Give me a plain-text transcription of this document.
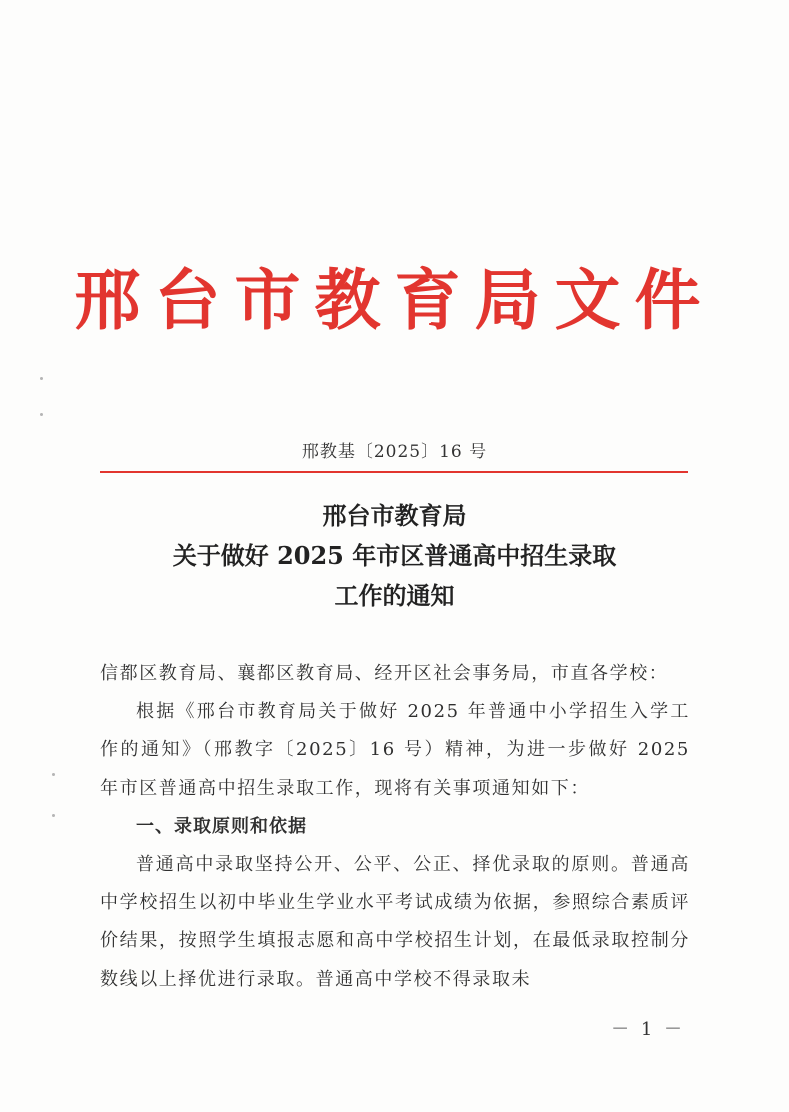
邢台市教育局文件
邢教基〔2025〕16 号
邢台市教育局
关于做好 2025 年市区普通高中招生录取
工作的通知

信都区教育局、襄都区教育局、经开区社会事务局，市直各学校：

根据《邢台市教育局关于做好 2025 年普通中小学招生入学工作的通知》（邢教字〔2025〕16 号）精神，为进一步做好 2025 年市区普通高中招生录取工作，现将有关事项通知如下：

一、录取原则和依据

普通高中录取坚持公开、公平、公正、择优录取的原则。普通高中学校招生以初中毕业生学业水平考试成绩为依据，参照综合素质评价结果，按照学生填报志愿和高中学校招生计划，在最低录取控制分数线以上择优进行录取。普通高中学校不得录取未

－ 1 －
